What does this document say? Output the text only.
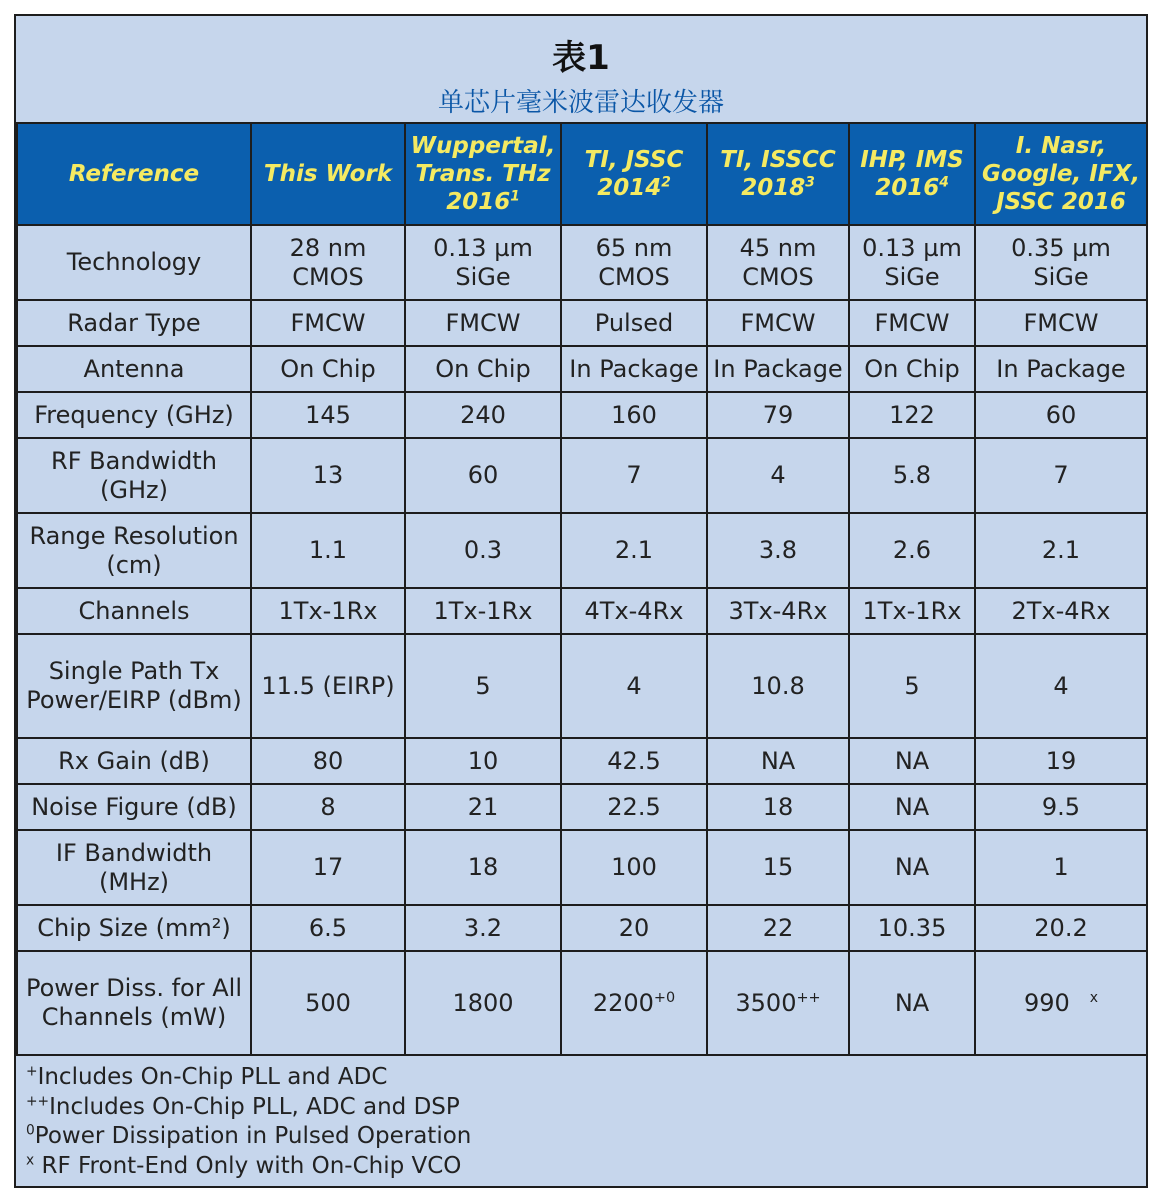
表1
单芯片毫米波雷达收发器
Reference	This Work	Wuppertal, Trans. THz 2016$^1$	TI, JSSC 2014$^2$	TI, ISSCC 2018$^3$	IHP, IMS 2016$^4$	I. Nasr, Google, IFX, JSSC 2016
Technology	28 nm CMOS	0.13 µm SiGe	65 nm CMOS	45 nm CMOS	0.13 µm SiGe	0.35 µm SiGe
Radar Type	FMCW	FMCW	Pulsed	FMCW	FMCW	FMCW
Antenna	On Chip	On Chip	In Package	In Package	On Chip	In Package
Frequency (GHz)	145	240	160	79	122	60
RF Bandwidth (GHz)	13	60	7	4	5.8	7
Range Resolution (cm)	1.1	0.3	2.1	3.8	2.6	2.1
Channels	1Tx-1Rx	1Tx-1Rx	4Tx-4Rx	3Tx-4Rx	1Tx-1Rx	2Tx-4Rx
Single Path Tx Power/EIRP (dBm)	11.5 (EIRP)	5	4	10.8	5	4
Rx Gain (dB)	80	10	42.5	NA	NA	19
Noise Figure (dB)	8	21	22.5	18	NA	9.5
IF Bandwidth (MHz)	17	18	100	15	NA	1
Chip Size (mm²)	6.5	3.2	20	22	10.35	20.2
Power Diss. for All Channels (mW)	500	1800	$2200^{+0}$	3500++	NA	990 $^x$
+Includes On-Chip PLL and ADC
++Includes On-Chip PLL, ADC and DSP
$^0$Power Dissipation in Pulsed Operation
$^x$ RF Front-End Only with On-Chip VCO
